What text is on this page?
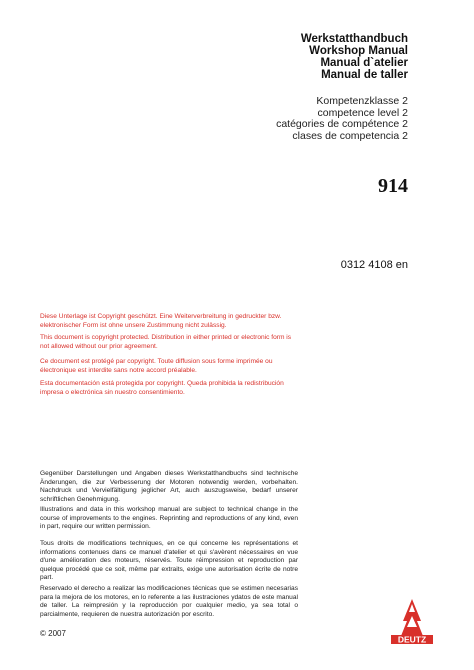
Werkstatthandbuch
Workshop Manual
Manual d`atelier
Manual de taller
Kompetenzklasse 2
competence level 2
catégories de compétence 2
clases de competencia 2
914
0312 4108 en
Diese Unterlage ist Copyright geschützt. Eine Weiterverbreitung in gedruckter bzw. elektronischer Form ist ohne unsere Zustimmung nicht zulässig.
This document is copyright protected. Distribution in either printed or electronic form is not allowed without our prior agreement.
Ce document est protégé par copyright. Toute diffusion sous forme imprimée ou électronique est interdite sans notre accord préalable.
Esta documentación está protegida por copyright. Queda prohibida la redistribución impresa o electrónica sin nuestro consentimiento.
Gegenüber Darstellungen und Angaben dieses Werkstatthandbuchs sind technische Änderungen, die zur Verbesserung der Motoren notwendig werden, vorbehalten. Nachdruck und Vervielfältigung jeglicher Art, auch auszugsweise, bedarf unserer schriftlichen Genehmigung.
Illustrations and data in this workshop manual are subject to technical change in the course of improvements to the engines. Reprinting and reproductions of any kind, even in part, require our written permission.
Tous droits de modifications techniques, en ce qui concerne les représentations et informations contenues dans ce manuel d'atelier et qui s'avèrent nécessaires en vue d'une amélioration des moteurs, réservés. Toute réimpression et reproduction par quelque procédé que ce soit, même par extraits, exige une autorisation écrite de notre part.
Reservado el derecho a realizar las modificaciones técnicas que se estimen necesarias para la mejora de los motores, en lo referente a las ilustraciones ydatos de este manual de taller. La reimpresión y la reproducción por cualquier medio, ya sea total o parcialmente, requieren de nuestra autorización por escrito.
© 2007
DEUTZ
